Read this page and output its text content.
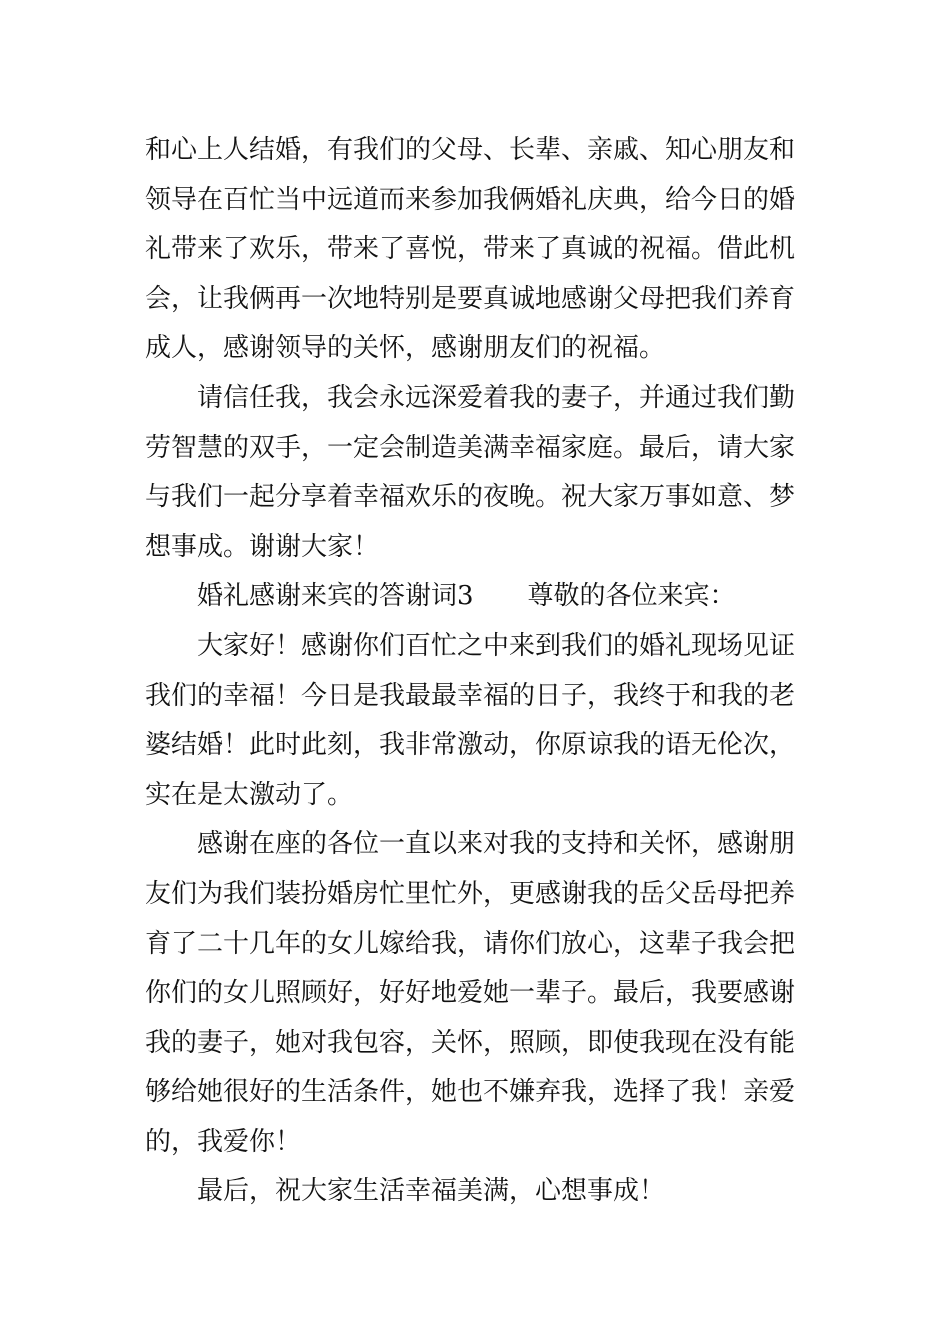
和心上人结婚，有我们的父母、长辈、亲戚、知心朋友和
领导在百忙当中远道而来参加我俩婚礼庆典，给今日的婚
礼带来了欢乐，带来了喜悦，带来了真诚的祝福。借此机
会，让我俩再一次地特别是要真诚地感谢父母把我们养育
成人，感谢领导的关怀，感谢朋友们的祝福。
请信任我，我会永远深爱着我的妻子，并通过我们勤
劳智慧的双手，一定会制造美满幸福家庭。最后，请大家
与我们一起分享着幸福欢乐的夜晚。祝大家万事如意、梦
想事成。谢谢大家！
婚礼感谢来宾的答谢词3 尊敬的各位来宾：
大家好！感谢你们百忙之中来到我们的婚礼现场见证
我们的幸福！今日是我最最幸福的日子，我终于和我的老
婆结婚！此时此刻，我非常激动，你原谅我的语无伦次，
实在是太激动了。
感谢在座的各位一直以来对我的支持和关怀，感谢朋
友们为我们装扮婚房忙里忙外，更感谢我的岳父岳母把养
育了二十几年的女儿嫁给我，请你们放心，这辈子我会把
你们的女儿照顾好，好好地爱她一辈子。最后，我要感谢
我的妻子，她对我包容，关怀，照顾，即使我现在没有能
够给她很好的生活条件，她也不嫌弃我，选择了我！亲爱
的，我爱你！
最后，祝大家生活幸福美满，心想事成！
